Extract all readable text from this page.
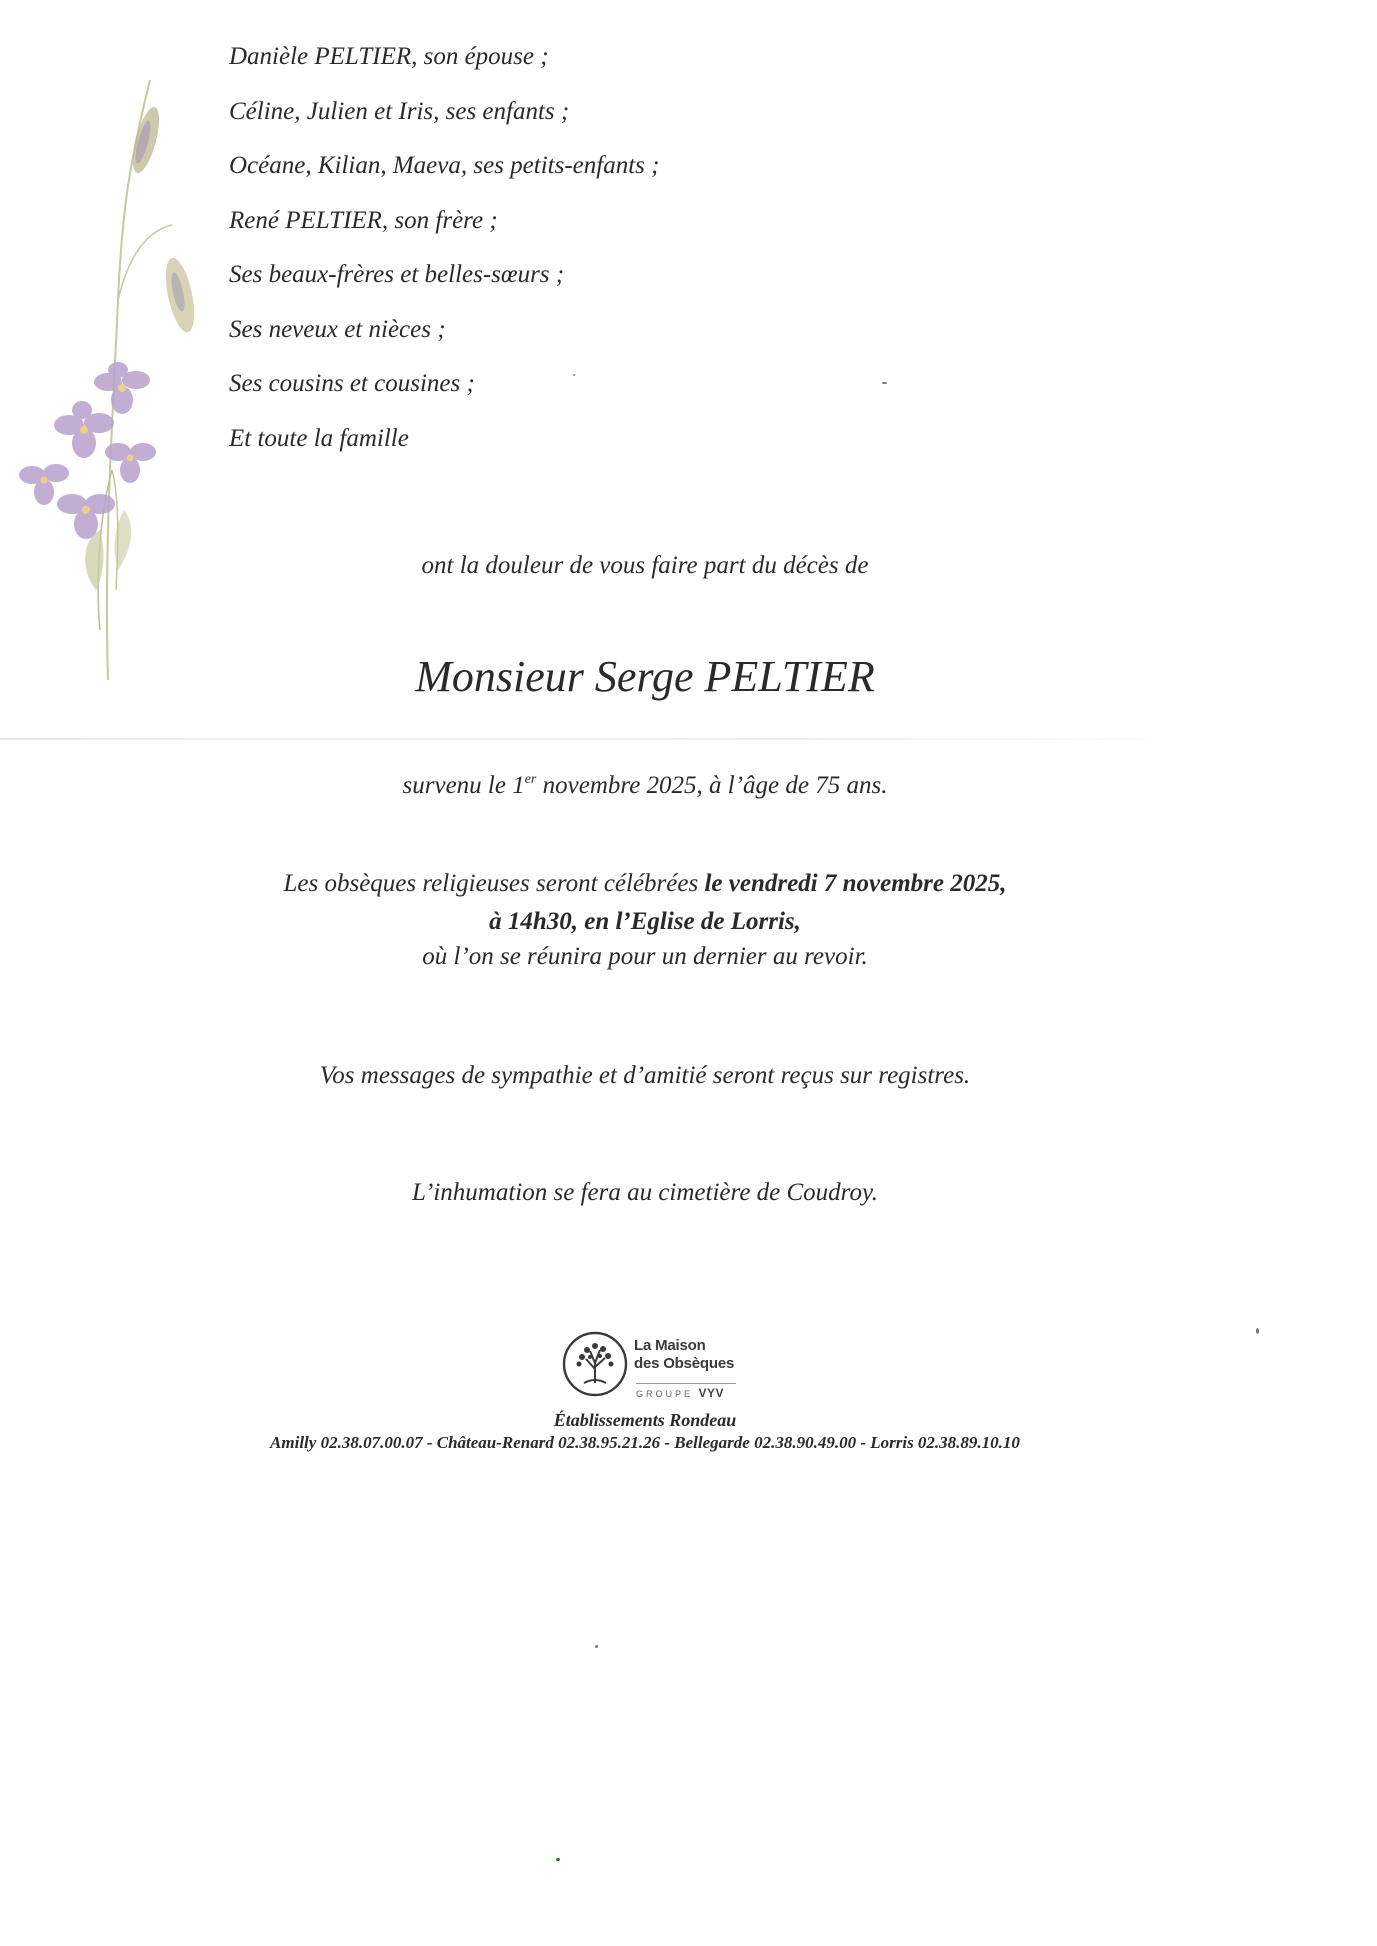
Danièle PELTIER, son épouse ;
Céline, Julien et Iris, ses enfants ;
Océane, Kilian, Maeva, ses petits-enfants ;
René PELTIER, son frère ;
Ses beaux-frères et belles-sœurs ;
Ses neveux et nièces ;
Ses cousins et cousines ;
Et toute la famille
ont la douleur de vous faire part du décès de
Monsieur Serge PELTIER
survenu le 1er novembre 2025, à l’âge de 75 ans.
Les obsèques religieuses seront célébrées le vendredi 7 novembre 2025,
à 14h30, en l’Eglise de Lorris,
où l’on se réunira pour un dernier au revoir.
Vos messages de sympathie et d’amitié seront reçus sur registres.
L’inhumation se fera au cimetière de Coudroy.
La Maison
des Obsèques
GROUPE VYV
Établissements Rondeau
Amilly 02.38.07.00.07 - Château-Renard 02.38.95.21.26 - Bellegarde 02.38.90.49.00 - Lorris 02.38.89.10.10
